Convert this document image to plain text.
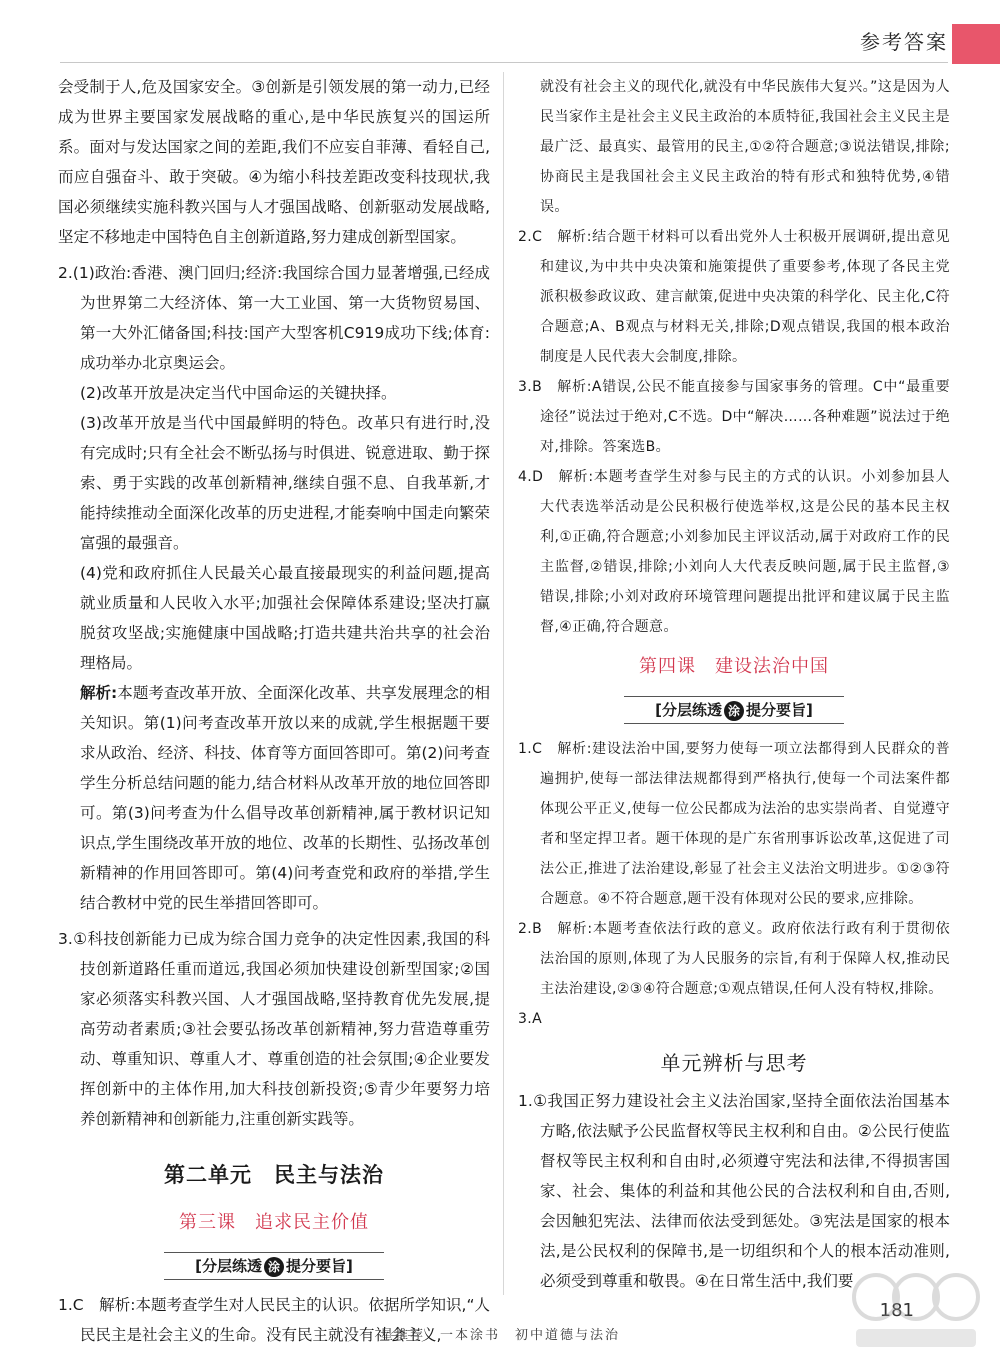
参考答案

会受制于人,危及国家安全。③创新是引领发展的第一动力,已经成为世界主要国家发展战略的重心,是中华民族复兴的国运所系。面对与发达国家之间的差距,我们不应妄自菲薄、看轻自己,而应自强奋斗、敢于突破。④为缩小科技差距改变科技现状,我国必须继续实施科教兴国与人才强国战略、创新驱动发展战略,坚定不移地走中国特色自主创新道路,努力建成创新型国家。

2.(1)政治:香港、澳门回归;经济:我国综合国力显著增强,已经成为世界第二大经济体、第一大工业国、第一大货物贸易国、第一大外汇储备国;科技:国产大型客机C919成功下线;体育:成功举办北京奥运会。

(2)改革开放是决定当代中国命运的关键抉择。

(3)改革开放是当代中国最鲜明的特色。改革只有进行时,没有完成时;只有全社会不断弘扬与时俱进、锐意进取、勤于探索、勇于实践的改革创新精神,继续自强不息、自我革新,才能持续推动全面深化改革的历史进程,才能奏响中国走向繁荣富强的最强音。

(4)党和政府抓住人民最关心最直接最现实的利益问题,提高就业质量和人民收入水平;加强社会保障体系建设;坚决打赢脱贫攻坚战;实施健康中国战略;打造共建共治共享的社会治理格局。

解析:本题考查改革开放、全面深化改革、共享发展理念的相关知识。第(1)问考查改革开放以来的成就,学生根据题干要求从政治、经济、科技、体育等方面回答即可。第(2)问考查学生分析总结问题的能力,结合材料从改革开放的地位回答即可。第(3)问考查为什么倡导改革创新精神,属于教材识记知识点,学生围绕改革开放的地位、改革的长期性、弘扬改革创新精神的作用回答即可。第(4)问考查党和政府的举措,学生结合教材中党的民生举措回答即可。

3.①科技创新能力已成为综合国力竞争的决定性因素,我国的科技创新道路任重而道远,我国必须加快建设创新型国家;②国家必须落实科教兴国、人才强国战略,坚持教育优先发展,提高劳动者素质;③社会要弘扬改革创新精神,努力营造尊重劳动、尊重知识、尊重人才、尊重创造的社会氛围;④企业要发挥创新中的主体作用,加大科技创新投资;⑤青少年要努力培养创新精神和创新能力,注重创新实践等。

第二单元　民主与法治
第三课　追求民主价值
[分层练透 涂 提分要旨]

1.C　解析:本题考查学生对人民民主的认识。依据所学知识,“人民民主是社会主义的生命。没有民主就没有社会主义,

就没有社会主义的现代化,就没有中华民族伟大复兴。”这是因为人民当家作主是社会主义民主政治的本质特征,我国社会主义民主是最广泛、最真实、最管用的民主,①②符合题意;③说法错误,排除;协商民主是我国社会主义民主政治的特有形式和独特优势,④错误。

2.C　解析:结合题干材料可以看出党外人士积极开展调研,提出意见和建议,为中共中央决策和施策提供了重要参考,体现了各民主党派积极参政议政、建言献策,促进中央决策的科学化、民主化,C符合题意;A、B观点与材料无关,排除;D观点错误,我国的根本政治制度是人民代表大会制度,排除。

3.B　解析:A错误,公民不能直接参与国家事务的管理。C中“最重要途径”说法过于绝对,C不选。D中“解决……各种难题”说法过于绝对,排除。答案选B。

4.D　解析:本题考查学生对参与民主的方式的认识。小刘参加县人大代表选举活动是公民积极行使选举权,这是公民的基本民主权利,①正确,符合题意;小刘参加民主评议活动,属于对政府工作的民主监督,②错误,排除;小刘向人大代表反映问题,属于民主监督,③错误,排除;小刘对政府环境管理问题提出批评和建议属于民主监督,④正确,符合题意。

第四课　建设法治中国
[分层练透 涂 提分要旨]

1.C　解析:建设法治中国,要努力使每一项立法都得到人民群众的普遍拥护,使每一部法律法规都得到严格执行,使每一个司法案件都体现公平正义,使每一位公民都成为法治的忠实崇尚者、自觉遵守者和坚定捍卫者。题干体现的是广东省刑事诉讼改革,这促进了司法公正,推进了法治建设,彰显了社会主义法治文明进步。①②③符合题意。④不符合题意,题干没有体现对公民的要求,应排除。

2.B　解析:本题考查依法行政的意义。政府依法行政有利于贯彻依法治国的原则,体现了为人民服务的宗旨,有利于保障人权,推动民主法治建设,②③④符合题意;①观点错误,任何人没有特权,排除。

3.A

单元辨析与思考

1.①我国正努力建设社会主义法治国家,坚持全面依法治国基本方略,依法赋予公民监督权等民主权利和自由。②公民行使监督权等民主权利和自由时,必须遵守宪法和法律,不得损害国家、社会、集体的利益和其他公民的合法权利和自由,否则,会因触犯宪法、法律而依法受到惩处。③宪法是国家的根本法,是公民权利的保障书,是一切组织和个人的根本活动准则,必须受到尊重和敬畏。④在日常生活中,我们要

181
星推荐　一本涂书　初中道德与法治
